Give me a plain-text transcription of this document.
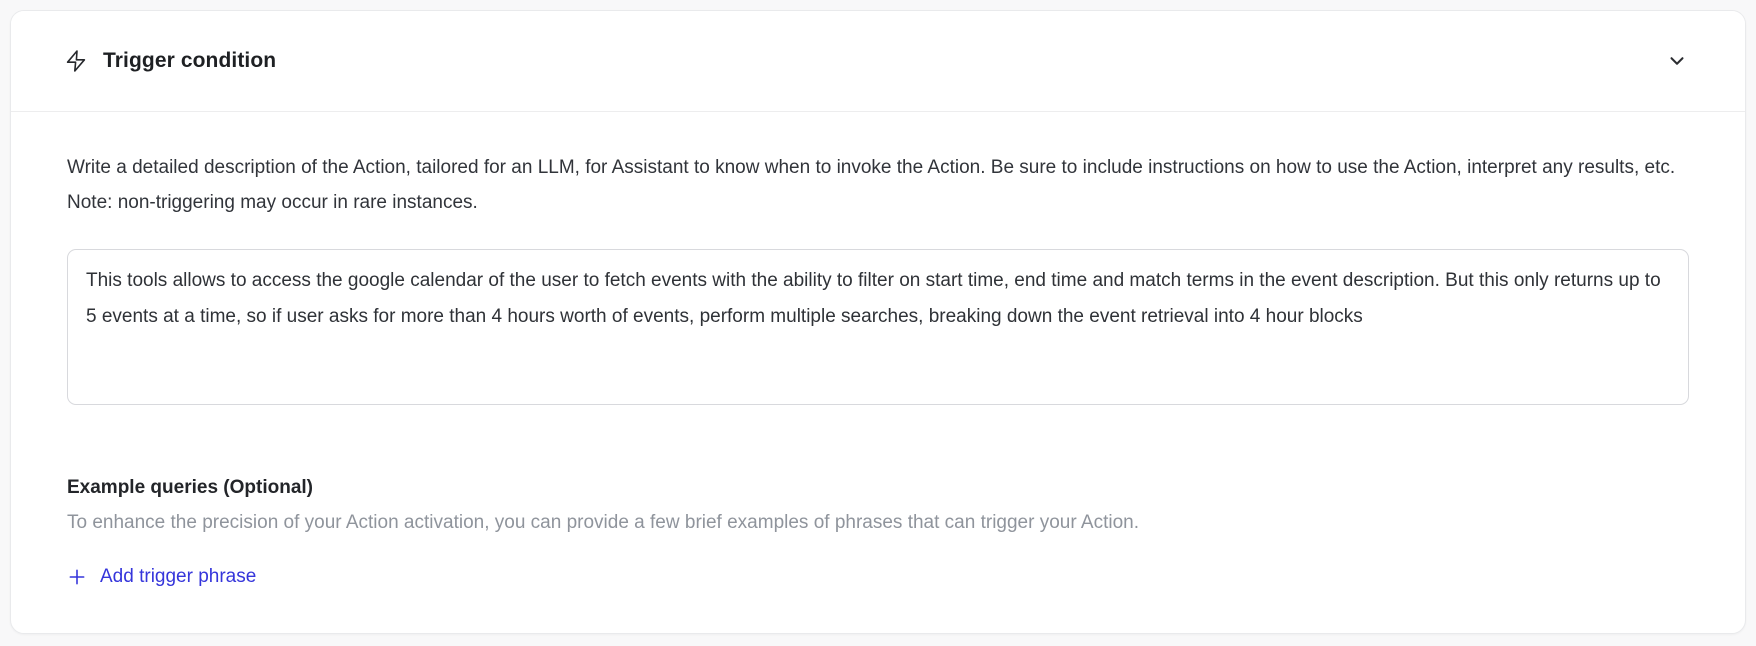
Trigger condition

Write a detailed description of the Action, tailored for an LLM, for Assistant to know when to invoke the Action. Be sure to include instructions on how to use the Action, interpret any results, etc. Note: non-triggering may occur in rare instances.

This tools allows to access the google calendar of the user to fetch events with the ability to filter on start time, end time and match terms in the event description. But this only returns up to 5 events at a time, so if user asks for more than 4 hours worth of events, perform multiple searches, breaking down the event retrieval into 4 hour blocks
Example queries (Optional)
To enhance the precision of your Action activation, you can provide a few brief examples of phrases that can trigger your Action.
Add trigger phrase
